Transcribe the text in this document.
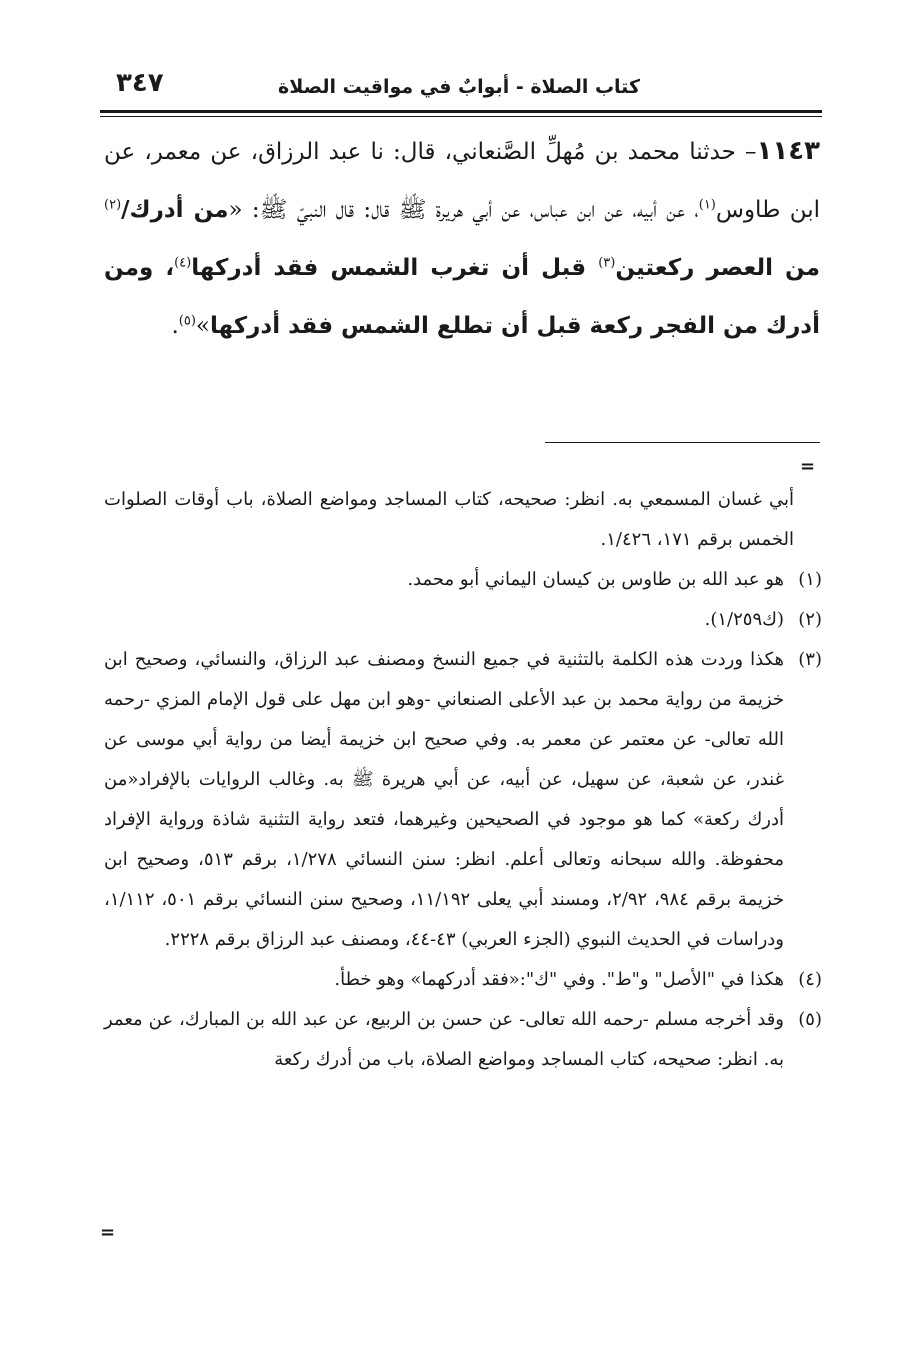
كتاب الصلاة - أبوابٌ في مواقيت الصلاة
٣٤٧
١١٤٣– حدثنا محمد بن مُهلِّ الصَّنعاني، قال: نا عبد الرزاق، عن معمر، عن ابن طاوس$^{(١)}$، عن أبيه، عن ابن عباس، عن أبي هريرة ﷺ قال: قال النبيّ ﷺ: «من أدرك/$^{(٢)}$ من العصر ركعتين$^{(٣)}$ قبل أن تغرب الشمس فقد أدركها$^{(٤)}$، ومن أدرك من الفجر ركعة قبل أن تطلع الشمس فقد أدركها»$^{(٥)}$.
=

أبي غسان المسمعي به. انظر: صحيحه، كتاب المساجد ومواضع الصلاة، باب أوقات الصلوات الخمس برقم ١٧١، ١/٤٢٦.

(١)هو عبد الله بن طاوس بن كيسان اليماني أبو محمد.

(٢)(ك١/٢٥٩).

(٣)هكذا وردت هذه الكلمة بالتثنية في جميع النسخ ومصنف عبد الرزاق، والنسائي، وصحيح ابن خزيمة من رواية محمد بن عبد الأعلى الصنعاني -وهو ابن مهل على قول الإمام المزي -رحمه الله تعالى- عن معتمر عن معمر به. وفي صحيح ابن خزيمة أيضا من رواية أبي موسى عن غندر، عن شعبة، عن سهيل، عن أبيه، عن أبي هريرة ﷺ به. وغالب الروايات بالإفراد«من أدرك ركعة» كما هو موجود في الصحيحين وغيرهما، فتعد رواية التثنية شاذة ورواية الإفراد محفوظة. والله سبحانه وتعالى أعلم. انظر: سنن النسائي ١/٢٧٨، برقم ٥١٣، وصحيح ابن خزيمة برقم ٩٨٤، ٢/٩٢، ومسند أبي يعلى ١١/١٩٢، وصحيح سنن النسائي برقم ٥٠١، ١/١١٢، ودراسات في الحديث النبوي (الجزء العربي) ٤٣-٤٤، ومصنف عبد الرزاق برقم ٢٢٢٨.

(٤)هكذا في "الأصل" و"ط". وفي "ك":«فقد أدركهما» وهو خطأ.

(٥)وقد أخرجه مسلم -رحمه الله تعالى- عن حسن بن الربيع، عن عبد الله بن المبارك، عن معمر به. انظر: صحيحه، كتاب المساجد ومواضع الصلاة، باب من أدرك ركعة

=
